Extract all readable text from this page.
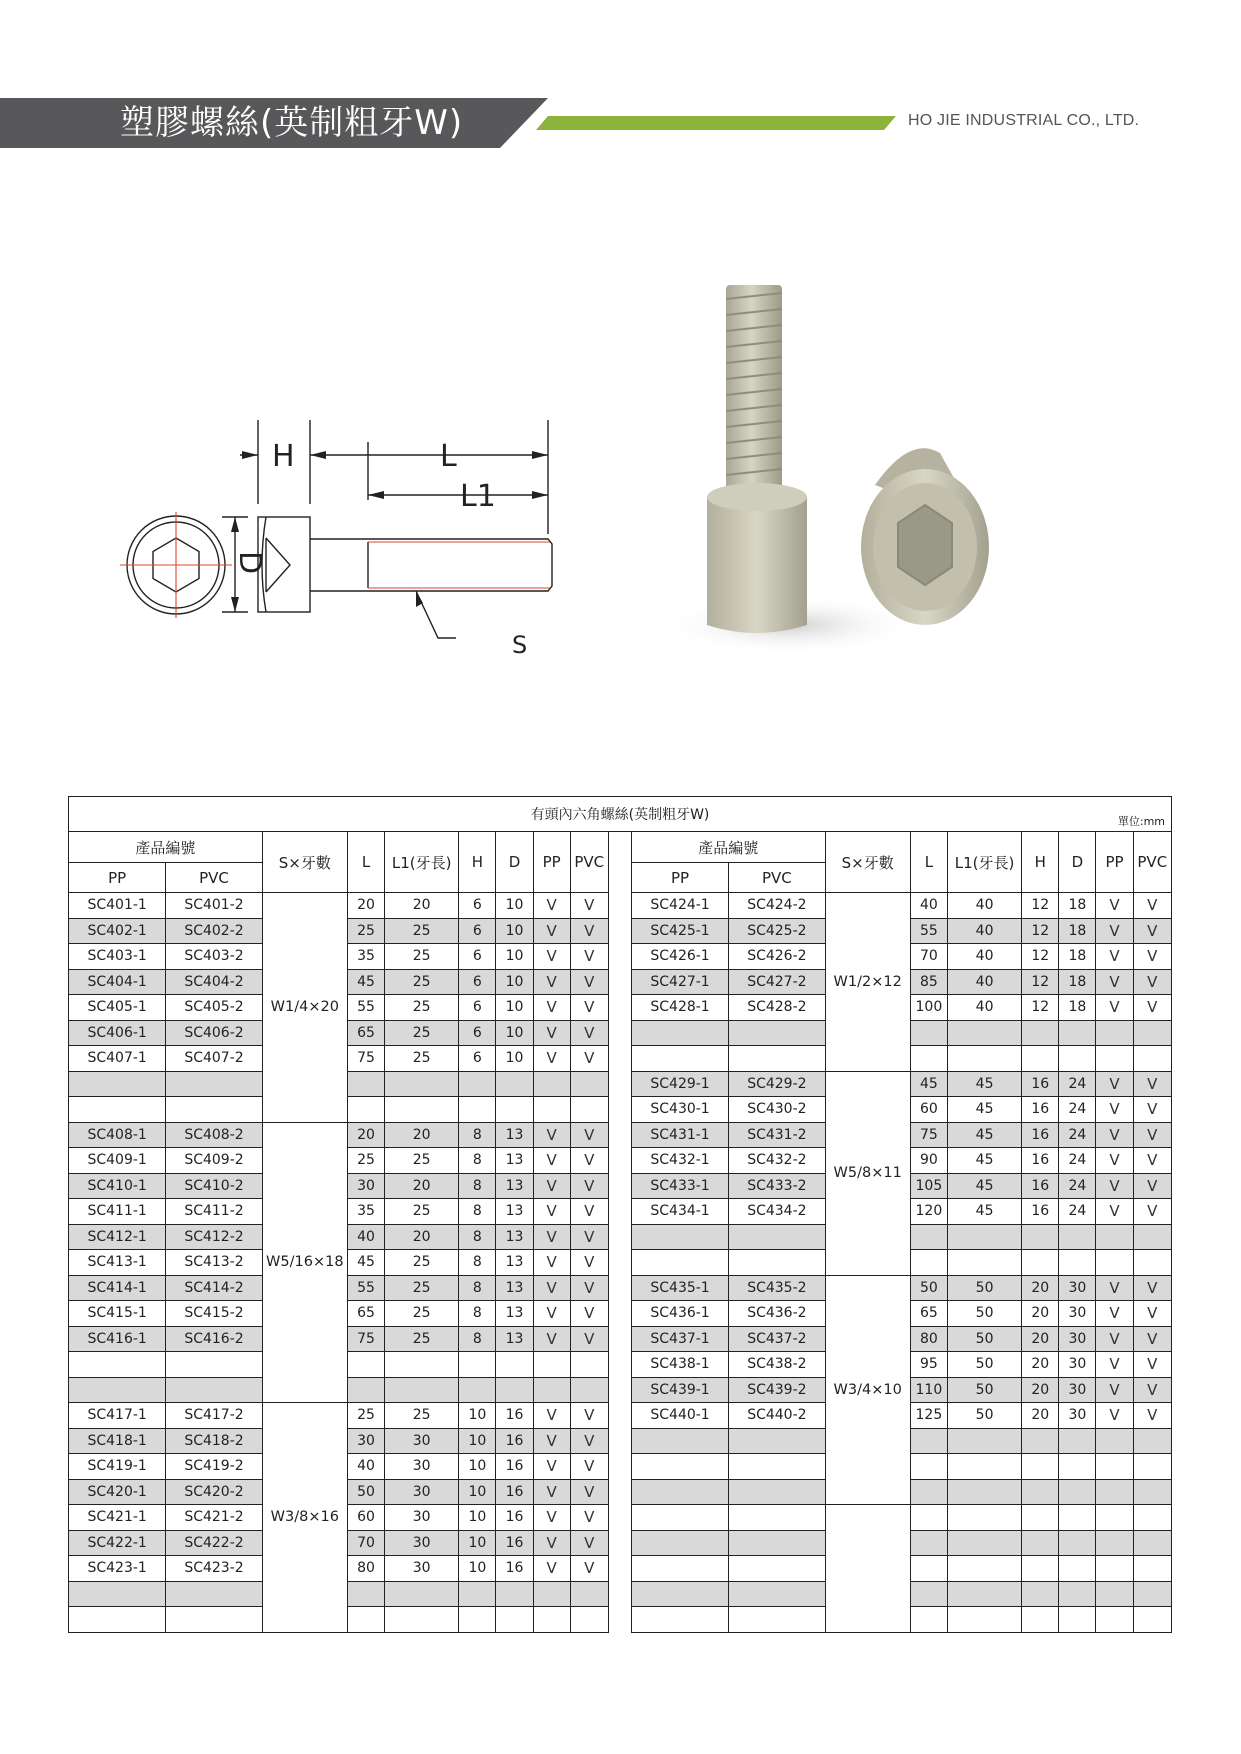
塑膠螺絲(英制粗牙W)	HO JIE INDUSTRIAL CO., LTD.
H	L
L1
D
S
有頭內六角螺絲(英制粗牙W) 單位:mm																		

產品編號		S×牙數	L	L1(牙長)	H	D	PP	PVC		產品編號		S×牙數	L	L1(牙長)	H	D	PP	PVC
PP	PVC									PP	PVC							
SC401-1	SC401-2	W1/4×20	20	20	6	10	V	V		SC424-1	SC424-2	W1/2×12	40	40	12	18	V	V
SC402-1	SC402-2		25	25	6	10	V	V		SC425-1	SC425-2		55	40	12	18	V	V
SC403-1	SC403-2		35	25	6	10	V	V		SC426-1	SC426-2		70	40	12	18	V	V
SC404-1	SC404-2		45	25	6	10	V	V		SC427-1	SC427-2		85	40	12	18	V	V
SC405-1	SC405-2		55	25	6	10	V	V		SC428-1	SC428-2		100	40	12	18	V	V
SC406-1	SC406-2		65	25	6	10	V	V										
SC407-1	SC407-2		75	25	6	10	V	V										
										SC429-1	SC429-2	W5/8×11	45	45	16	24	V	V
										SC430-1	SC430-2		60	45	16	24	V	V
SC408-1	SC408-2	W5/16×18	20	20	8	13	V	V		SC431-1	SC431-2		75	45	16	24	V	V
SC409-1	SC409-2		25	25	8	13	V	V		SC432-1	SC432-2		90	45	16	24	V	V
SC410-1	SC410-2		30	20	8	13	V	V		SC433-1	SC433-2		105	45	16	24	V	V
SC411-1	SC411-2		35	25	8	13	V	V		SC434-1	SC434-2		120	45	16	24	V	V
SC412-1	SC412-2		40	20	8	13	V	V										
SC413-1	SC413-2		45	25	8	13	V	V										
SC414-1	SC414-2		55	25	8	13	V	V		SC435-1	SC435-2	W3/4×10	50	50	20	30	V	V
SC415-1	SC415-2		65	25	8	13	V	V		SC436-1	SC436-2		65	50	20	30	V	V
SC416-1	SC416-2		75	25	8	13	V	V		SC437-1	SC437-2		80	50	20	30	V	V
										SC438-1	SC438-2		95	50	20	30	V	V
										SC439-1	SC439-2		110	50	20	30	V	V
SC417-1	SC417-2	W3/8×16	25	25	10	16	V	V		SC440-1	SC440-2		125	50	20	30	V	V
SC418-1	SC418-2		30	30	10	16	V	V										
SC419-1	SC419-2		40	30	10	16	V	V										
SC420-1	SC420-2		50	30	10	16	V	V										
SC421-1	SC421-2		60	30	10	16	V	V										
SC422-1	SC422-2		70	30	10	16	V	V										
SC423-1	SC423-2		80	30	10	16	V	V										
